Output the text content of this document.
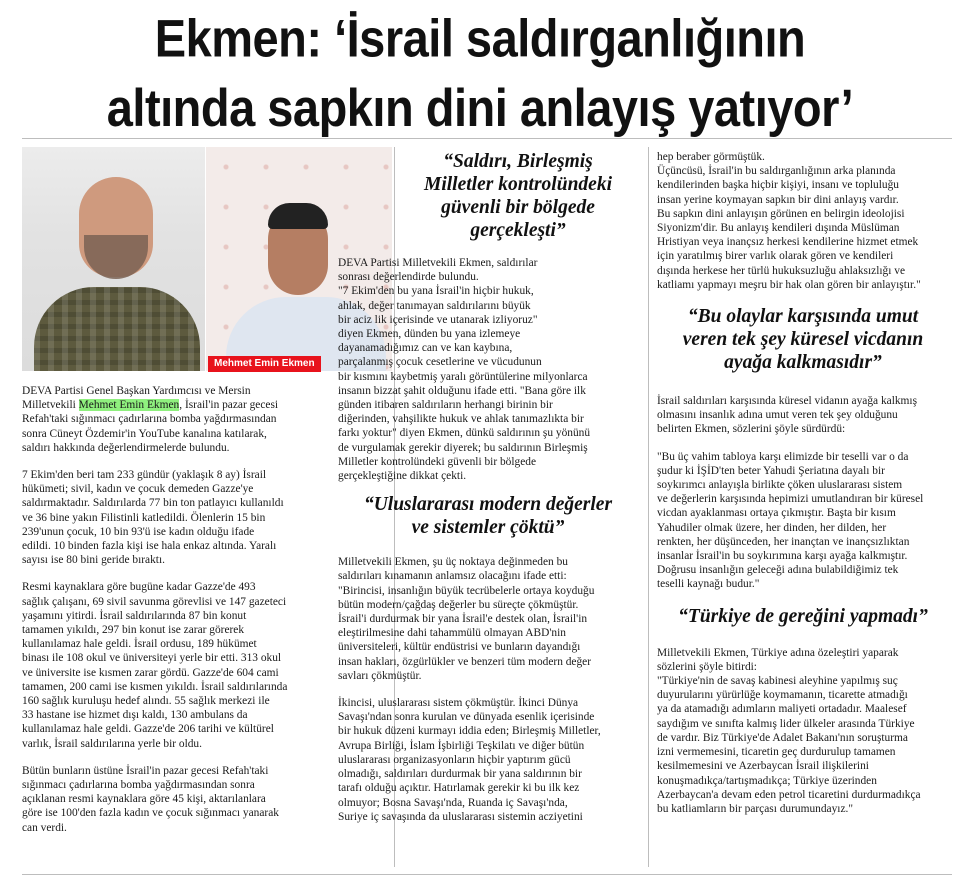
Ekmen: ‘İsrail saldırganlığının
altında sapkın dini anlayış yatıyor’
Mehmet Emin Ekmen

DEVA Partisi Genel Başkan Yardımcısı ve Mersin
Milletvekili Mehmet Emin Ekmen, İsrail'in pazar gecesi
Refah'taki sığınmacı çadırlarına bomba yağdırmasından
sonra Cüneyt Özdemir'in YouTube kanalına katılarak,
saldırı hakkında değerlendirmelerde bulundu.

7 Ekim'den beri tam 233 gündür (yaklaşık 8 ay) İsrail
hükümeti; sivil, kadın ve çocuk demeden Gazze'ye
saldırmaktadır. Saldırılarda 77 bin ton patlayıcı kullanıldı
ve 36 bine yakın Filistinli katledildi. Ölenlerin 15 bin
239'unun çocuk, 10 bin 93'ü ise kadın olduğu ifade
edildi. 10 binden fazla kişi ise hala enkaz altında. Yaralı
sayısı ise 80 bini geride bıraktı.

Resmi kaynaklara göre bugüne kadar Gazze'de 493
sağlık çalışanı, 69 sivil savunma görevlisi ve 147 gazeteci
yaşamını yitirdi. İsrail saldırılarında 87 bin konut
tamamen yıkıldı, 297 bin konut ise zarar görerek
kullanılamaz hale geldi. İsrail ordusu, 189 hükümet
binası ile 108 okul ve üniversiteyi yerle bir etti. 313 okul
ve üniversite ise kısmen zarar gördü. Gazze'de 604 cami
tamamen, 200 cami ise kısmen yıkıldı. İsrail saldırılarında
160 sağlık kuruluşu hedef alındı. 55 sağlık merkezi ile
33 hastane ise hizmet dışı kaldı, 130 ambulans da
kullanılamaz hale geldi. Gazze'de 206 tarihi ve kültürel
varlık, İsrail saldırılarına yerle bir oldu.

Bütün bunların üstüne İsrail'in pazar gecesi Refah'taki
sığınmacı çadırlarına bomba yağdırmasından sonra
açıklanan resmi kaynaklara göre 45 kişi, aktarılanlara
göre ise 100'den fazla kadın ve çocuk sığınmacı yanarak
can verdi.

“Saldırı, Birleşmiş
Milletler kontrolündeki
güvenli bir bölgede
gerçekleşti”

DEVA Partisi Milletvekili Ekmen, saldırılar
sonrası değerlendirde bulundu.
"7 Ekim'den bu yana İsrail'in hiçbir hukuk,
ahlak, değer tanımayan saldırılarını büyük
bir aciz lik içerisinde ve utanarak izliyoruz"
diyen Ekmen, dünden bu yana izlemeye
dayanamadığımız can ve kan kaybına,
parçalanmış çocuk cesetlerine ve vücudunun
bir kısmını kaybetmiş yaralı görüntülerine milyonlarca
insanın bizzat şahit olduğunu ifade etti. "Bana göre ilk
günden itibaren saldırıların herhangi birinin bir
diğerinden, vahşilikte hukuk ve ahlak tanımazlıkta bir
farkı yoktur" diyen Ekmen, dünkü saldırının şu yönünü
de vurgulamak gerekir diyerek; bu saldırının Birleşmiş
Milletler kontrolündeki güvenli bir bölgede
gerçekleştiğine dikkat çekti.

“Uluslararası modern değerler
ve sistemler çöktü”

Milletvekili Ekmen, şu üç noktaya değinmeden bu
saldırıları kınamanın anlamsız olacağını ifade etti:
"Birincisi, insanlığın büyük tecrübelerle ortaya koyduğu
bütün modern/çağdaş değerler bu süreçte çökmüştür.
İsrail'i durdurmak bir yana İsrail'e destek olan, İsrail'in
eleştirilmesine dahi tahammülü olmayan ABD'nin
üniversiteleri, kültür endüstrisi ve bunların dayandığı
insan hakları, özgürlükler ve benzeri tüm modern değer
savları çökmüştür.

İkincisi, uluslararası sistem çökmüştür. İkinci Dünya
Savaşı'ndan sonra kurulan ve dünyada esenlik içerisinde
bir hukuk düzeni kurmayı iddia eden; Birleşmiş Milletler,
Avrupa Birliği, İslam İşbirliği Teşkilatı ve diğer bütün
uluslararası organizasyonların hiçbir yaptırım gücü
olmadığı, saldırıları durdurmak bir yana saldırının bir
tarafı olduğu açıktır. Hatırlamak gerekir ki bu ilk kez
olmuyor; Bosna Savaşı'nda, Ruanda iç Savaşı'nda,
Suriye iç savaşında da uluslararası sistemin acziyetini

hep beraber görmüştük.
Üçüncüsü, İsrail'in bu saldırganlığının arka planında
kendilerinden başka hiçbir kişiyi, insanı ve topluluğu
insan yerine koymayan sapkın bir dini anlayış vardır.
Bu sapkın dini anlayışın görünen en belirgin ideolojisi
Siyonizm'dir. Bu anlayış kendileri dışında Müslüman
Hristiyan veya inançsız herkesi kendilerine hizmet etmek
için yaratılmış birer varlık olarak gören ve kendileri
dışında herkese her türlü hukuksuzluğu ahlaksızlığı ve
katliamı yapmayı meşru bir hak olan gören bir anlayıştır."

“Bu olaylar karşısında umut
veren tek şey küresel vicdanın
ayağa kalkmasıdır”

İsrail saldırıları karşısında küresel vidanın ayağa kalkmış
olmasını insanlık adına umut veren tek şey olduğunu
belirten Ekmen, sözlerini şöyle sürdürdü:

"Bu üç vahim tabloya karşı elimizde bir teselli var o da
şudur ki İŞİD'ten beter Yahudi Şeriatına dayalı bir
soykırımcı anlayışla birlikte çöken uluslararası sistem
ve değerlerin karşısında hepimizi umutlandıran bir küresel
vicdan ayaklanması ortaya çıkmıştır. Başta bir kısım
Yahudiler olmak üzere, her dinden, her dilden, her
renkten, her düşünceden, her inançtan ve inançsızlıktan
insanlar İsrail'in bu soykırımına karşı ayağa kalkmıştır.
Doğrusu insanlığın geleceği adına bulabildiğimiz tek
teselli kaynağı budur."

“Türkiye de gereğini yapmadı”

Milletvekili Ekmen, Türkiye adına özeleştiri yaparak
sözlerini şöyle bitirdi:
"Türkiye'nin de savaş kabinesi aleyhine yapılmış suç
duyurularını yürürlüğe koymamanın, ticarette atmadığı
ya da atamadığı adımların maliyeti ortadadır. Maalesef
saydığım ve sınıfta kalmış lider ülkeler arasında Türkiye
de vardır. Biz Türkiye'de Adalet Bakanı'nın soruşturma
izni vermemesini, ticaretin geç durdurulup tamamen
kesilmemesini ve Azerbaycan İsrail ilişkilerini
konuşmadıkça/tartışmadıkça; Türkiye üzerinden
Azerbaycan'a devam eden petrol ticaretini durdurmadıkça
bu katliamların bir parçası durumundayız."
